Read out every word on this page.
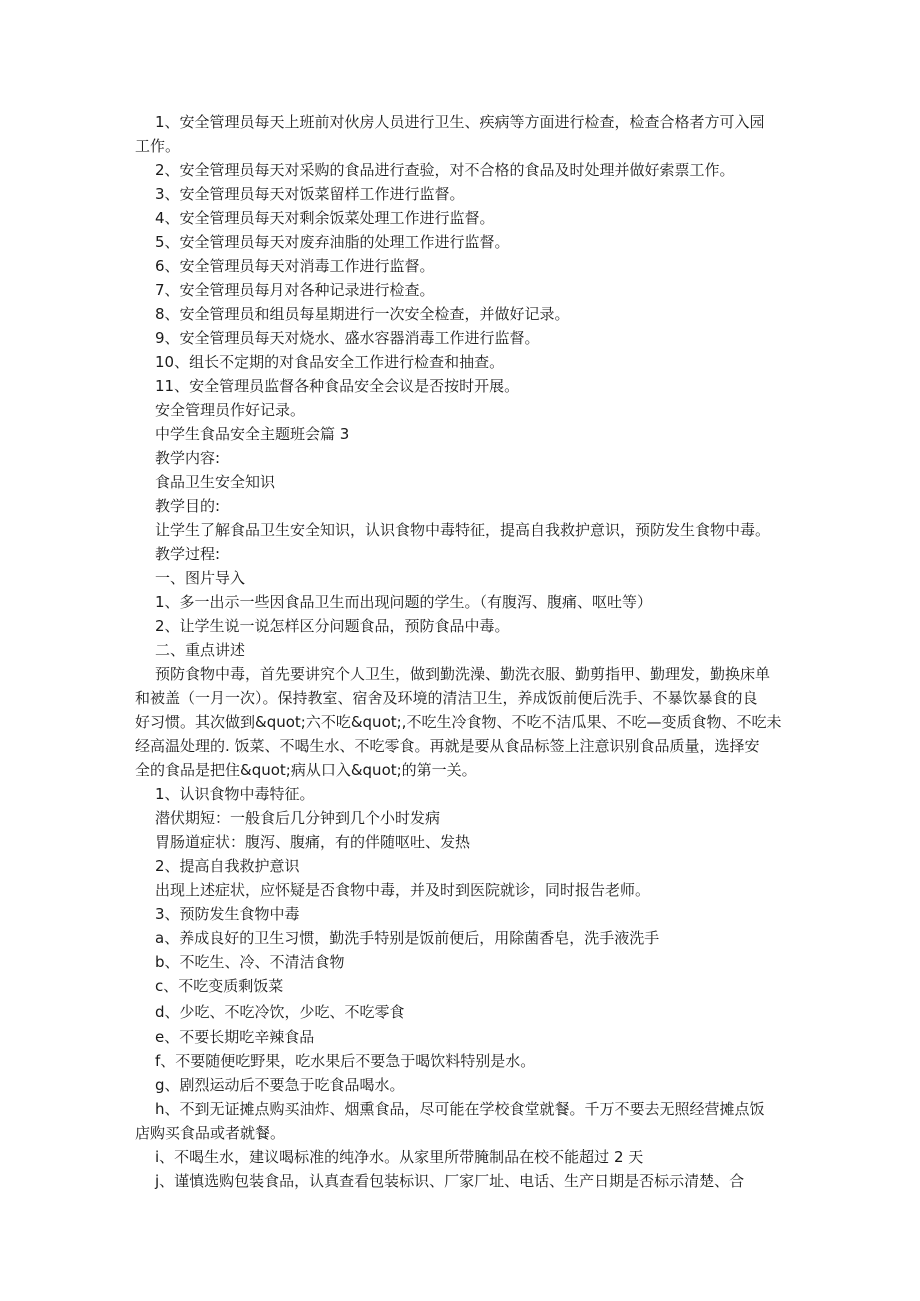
1、安全管理员每天上班前对伙房人员进行卫生、疾病等方面进行检查，检查合格者方可入园
工作。
2、安全管理员每天对采购的食品进行查验，对不合格的食品及时处理并做好索票工作。
3、安全管理员每天对饭菜留样工作进行监督。
4、安全管理员每天对剩余饭菜处理工作进行监督。
5、安全管理员每天对废弃油脂的处理工作进行监督。
6、安全管理员每天对消毒工作进行监督。
7、安全管理员每月对各种记录进行检查。
8、安全管理员和组员每星期进行一次安全检查，并做好记录。
9、安全管理员每天对烧水、盛水容器消毒工作进行监督。
10、组长不定期的对食品安全工作进行检查和抽查。
11、安全管理员监督各种食品安全会议是否按时开展。
安全管理员作好记录。
中学生食品安全主题班会篇 3
教学内容:
食品卫生安全知识
教学目的:
让学生了解食品卫生安全知识，认识食物中毒特征，提高自我救护意识，预防发生食物中毒。
教学过程:
一、图片导入
1、多一出示一些因食品卫生而出现问题的学生。（有腹泻、腹痛、呕吐等）
2、让学生说一说怎样区分问题食品，预防食品中毒。
二、重点讲述
预防食物中毒，首先要讲究个人卫生，做到勤洗澡、勤洗衣服、勤剪指甲、勤理发，勤换床单
和被盖（一月一次）。保持教室、宿舍及环境的清洁卫生，养成饭前便后洗手、不暴饮暴食的良
好习惯。其次做到&quot;六不吃&quot;,不吃生冷食物、不吃不洁瓜果、不吃—变质食物、不吃未
经高温处理的. 饭菜、不喝生水、不吃零食。再就是要从食品标签上注意识别食品质量，选择安
全的食品是把住&quot;病从口入&quot;的第一关。
1、认识食物中毒特征。
潜伏期短：一般食后几分钟到几个小时发病
胃肠道症状：腹泻、腹痛，有的伴随呕吐、发热
2、提高自我救护意识
出现上述症状，应怀疑是否食物中毒，并及时到医院就诊，同时报告老师。
3、预防发生食物中毒
a、养成良好的卫生习惯，勤洗手特别是饭前便后，用除菌香皂，洗手液洗手
b、不吃生、冷、不清洁食物
c、不吃变质剩饭菜
d、少吃、不吃冷饮，少吃、不吃零食
e、不要长期吃辛辣食品
f、不要随便吃野果，吃水果后不要急于喝饮料特别是水。
g、剧烈运动后不要急于吃食品喝水。
h、不到无证摊点购买油炸、烟熏食品，尽可能在学校食堂就餐。千万不要去无照经营摊点饭
店购买食品或者就餐。
i、不喝生水，建议喝标准的纯净水。从家里所带腌制品在校不能超过 2 天
j、谨慎选购包装食品，认真查看包装标识、厂家厂址、电话、生产日期是否标示清楚、合
